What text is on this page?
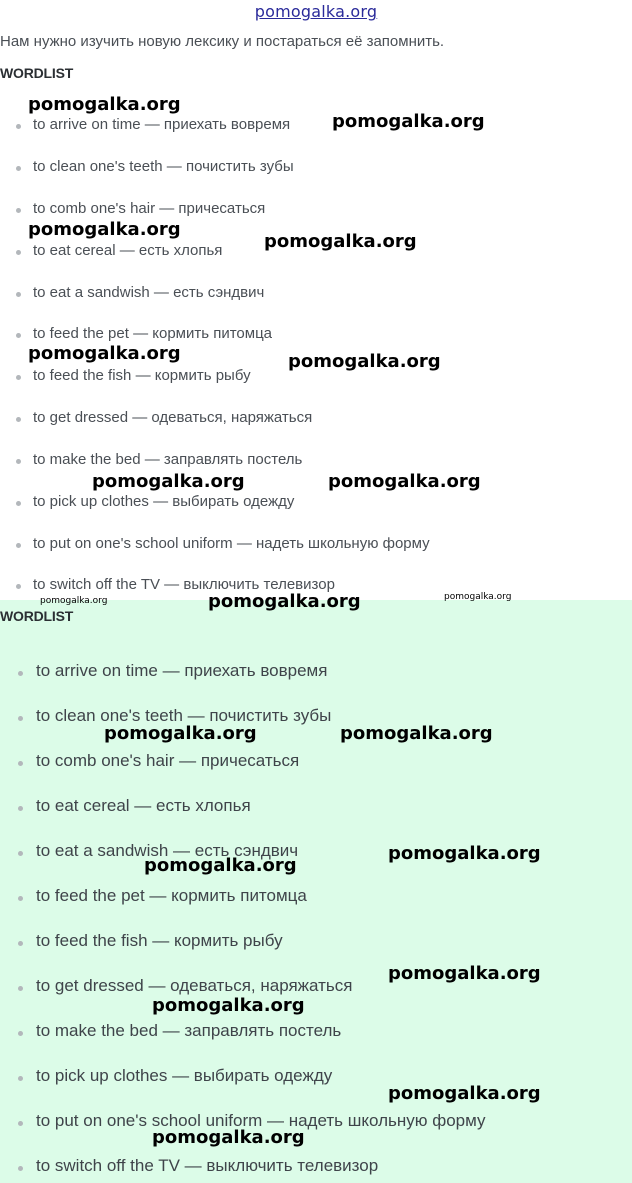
pomogalka.org
Нам нужно изучить новую лексику и постараться её запомнить.
WORDLIST
to arrive on time — приехать вовремя
to clean one's teeth — почистить зубы
to comb one's hair — причесаться
to eat cereal — есть хлопья
to eat a sandwish — есть сэндвич
to feed the pet — кормить питомца
to feed the fish — кормить рыбу
to get dressed — одеваться, наряжаться
to make the bed — заправлять постель
to pick up clothes — выбирать одежду
to put on one's school uniform — надеть школьную форму
to switch off the TV — выключить телевизор
WORDLIST
to arrive on time — приехать вовремя
to clean one's teeth — почистить зубы
to comb one's hair — причесаться
to eat cereal — есть хлопья
to eat a sandwish — есть сэндвич
to feed the pet — кормить питомца
to feed the fish — кормить рыбу
to get dressed — одеваться, наряжаться
to make the bed — заправлять постель
to pick up clothes — выбирать одежду
to put on one's school uniform — надеть школьную форму
to switch off the TV — выключить телевизор
pomogalka.org
pomogalka.org
pomogalka.org
pomogalka.org
pomogalka.org	pomogalka.org
pomogalka.org	pomogalka.org
pomogalka.org	pomogalka.org	pomogalka.org
pomogalka.org	pomogalka.org
pomogalka.org
pomogalka.org
pomogalka.org
pomogalka.org
pomogalka.org
pomogalka.org
